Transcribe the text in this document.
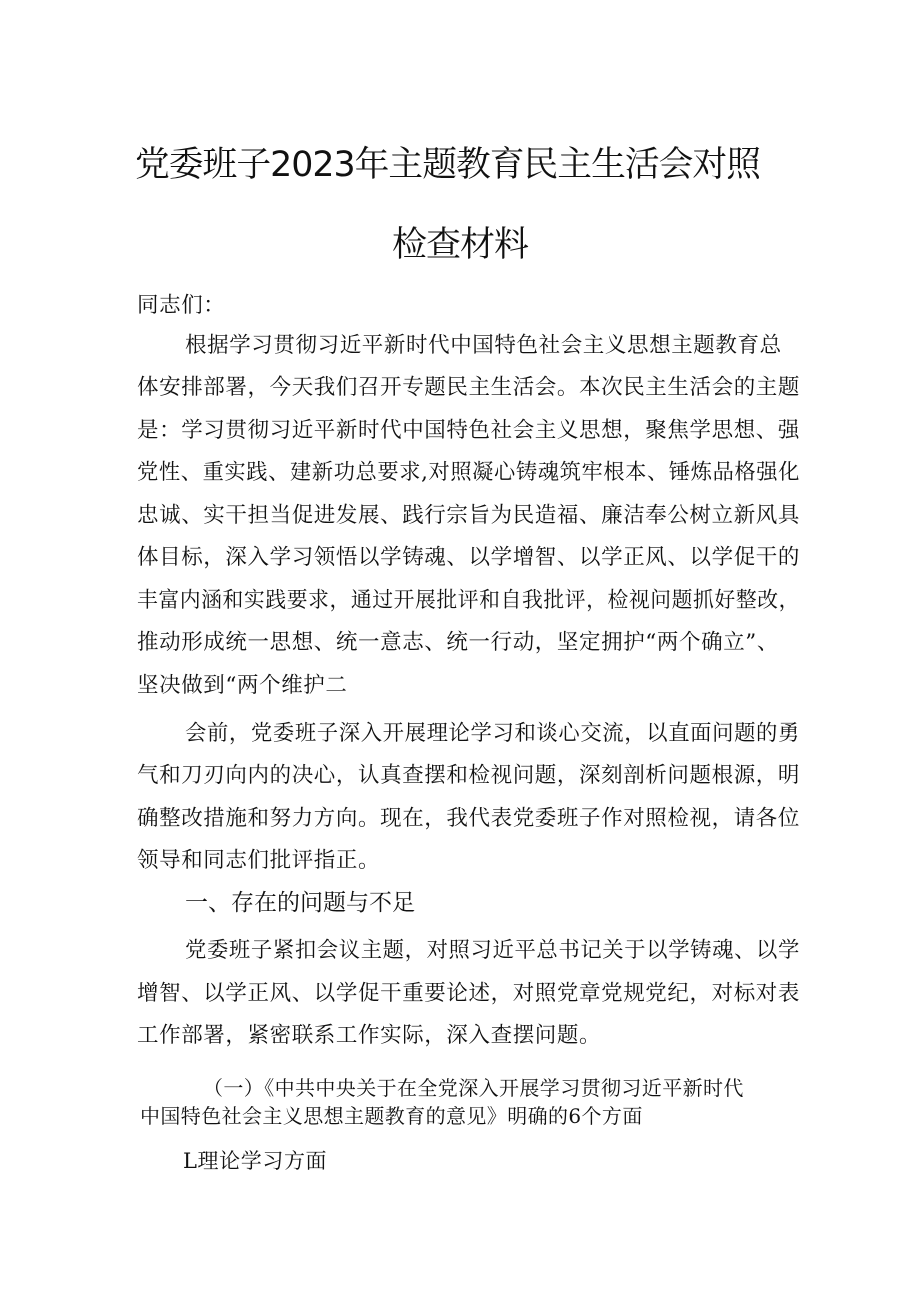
党委班子2023年主题教育民主生活会对照
检查材料
同志们：
根据学习贯彻习近平新时代中国特色社会主义思想主题教育总
体安排部署，今天我们召开专题民主生活会。本次民主生活会的主题
是：学习贯彻习近平新时代中国特色社会主义思想，聚焦学思想、强
党性、重实践、建新功总要求,对照凝心铸魂筑牢根本、锤炼品格强化
忠诚、实干担当促进发展、践行宗旨为民造福、廉洁奉公树立新风具
体目标，深入学习领悟以学铸魂、以学增智、以学正风、以学促干的
丰富内涵和实践要求，通过开展批评和自我批评，检视问题抓好整改，
推动形成统一思想、统一意志、统一行动，坚定拥护“两个确立”、
坚决做到“两个维护二
会前，党委班子深入开展理论学习和谈心交流，以直面问题的勇
气和刀刃向内的决心，认真查摆和检视问题，深刻剖析问题根源，明
确整改措施和努力方向。现在，我代表党委班子作对照检视，请各位
领导和同志们批评指正。
一、存在的问题与不足
党委班子紧扣会议主题，对照习近平总书记关于以学铸魂、以学
增智、以学正风、以学促干重要论述，对照党章党规党纪，对标对表
工作部署，紧密联系工作实际，深入查摆问题。
（一）《中共中央关于在全党深入开展学习贯彻习近平新时代
中国特色社会主义思想主题教育的意见》明确的6个方面
L理论学习方面
